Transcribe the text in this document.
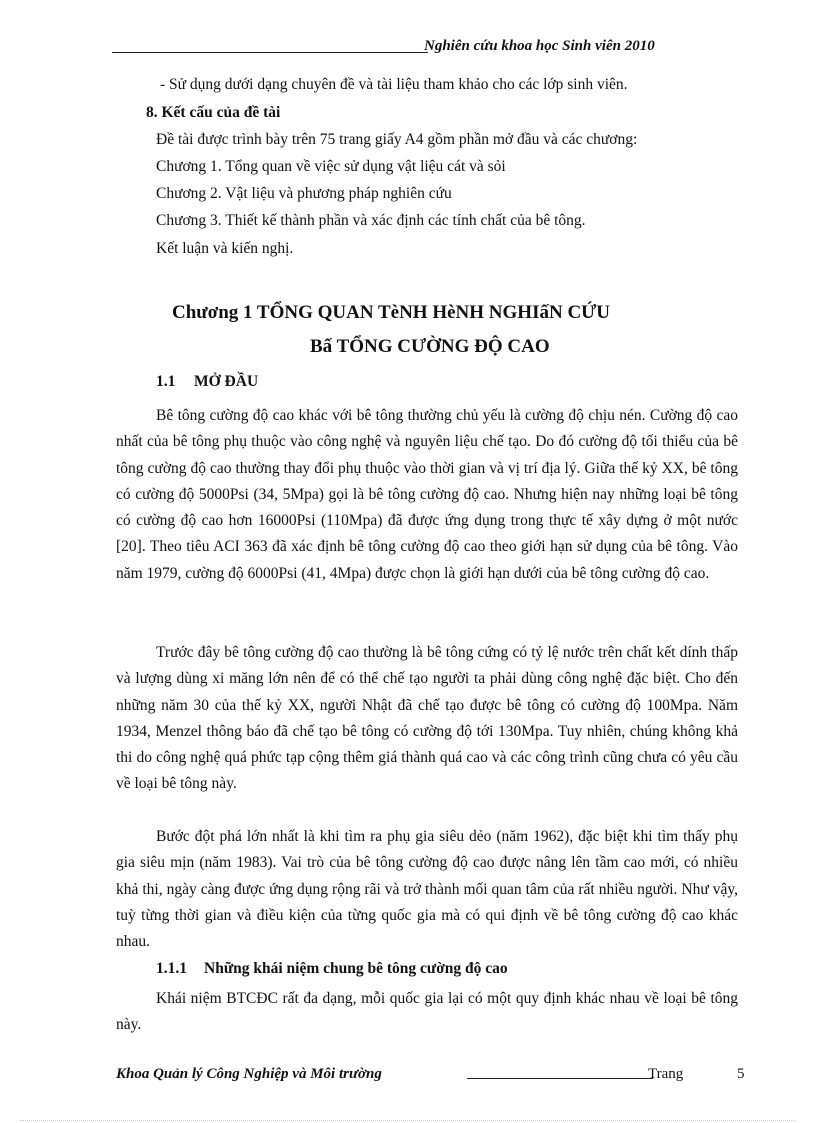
Nghiên cứu khoa học Sinh viên 2010
- Sử dụng dưới dạng chuyên đề và tài liệu tham khảo cho các lớp sinh viên.
8. Kết cấu của đề tài
Đề tài được trình bày trên 75 trang giấy A4 gồm phần mở đầu và các chương:
Chương 1. Tổng quan về việc sử dụng vật liệu cát và sỏi
Chương 2. Vật liệu và phương pháp nghiên cứu
Chương 3. Thiết kế thành phần và xác định các tính chất của bê tông.
Kết luận và kiến nghị.
Chương 1 TỔNG QUAN TèNH HèNH NGHIấN CỨU
Bấ TỔNG CƯỜNG ĐỘ CAO
1.1 MỞ ĐẦU
Bê tông cường độ cao khác với bê tông thường chủ yếu là cường độ chịu nén. Cường độ cao nhất của bê tông phụ thuộc vào công nghệ và nguyên liệu chế tạo. Do đó cường độ tối thiểu của bê tông cường độ cao thường thay đổi phụ thuộc vào thời gian và vị trí địa lý. Giữa thế kỷ XX, bê tông có cường độ 5000Psi (34, 5Mpa) gọi là bê tông cường độ cao. Nhưng hiện nay những loại bê tông có cường độ cao hơn 16000Psi (110Mpa) đã được ứng dụng trong thực tế xây dựng ở một nước [20]. Theo tiêu ACI 363 đã xác định bê tông cường độ cao theo giới hạn sử dụng của bê tông. Vào năm 1979, cường độ 6000Psi (41, 4Mpa) được chọn là giới hạn dưới của bê tông cường độ cao.
Trước đây bê tông cường độ cao thường là bê tông cứng có tỷ lệ nước trên chất kết dính thấp và lượng dùng xi măng lớn nên để có thể chế tạo người ta phải dùng công nghệ đặc biệt. Cho đến những năm 30 của thế kỷ XX, người Nhật đã chế tạo được bê tông có cường độ 100Mpa. Năm 1934, Menzel thông báo đã chế tạo bê tông có cường độ tới 130Mpa. Tuy nhiên, chúng không khả thi do công nghệ quá phức tạp cộng thêm giá thành quá cao và các công trình cũng chưa có yêu cầu về loại bê tông này.
Bước đột phá lớn nhất là khi tìm ra phụ gia siêu dẻo (năm 1962), đặc biệt khi tìm thấy phụ gia siêu mịn (năm 1983). Vai trò của bê tông cường độ cao được nâng lên tầm cao mới, có nhiều khả thi, ngày càng được ứng dụng rộng rãi và trở thành mối quan tâm của rất nhiều người. Như vậy, tuỳ từng thời gian và điều kiện của từng quốc gia mà có qui định về bê tông cường độ cao khác nhau.
1.1.1 Những khái niệm chung bê tông cường độ cao
Khái niệm BTCĐC rất đa dạng, mỗi quốc gia lại có một quy định khác nhau về loại bê tông này.
Khoa Quản lý Công Nghiệp và Môi trường	Trang	5
